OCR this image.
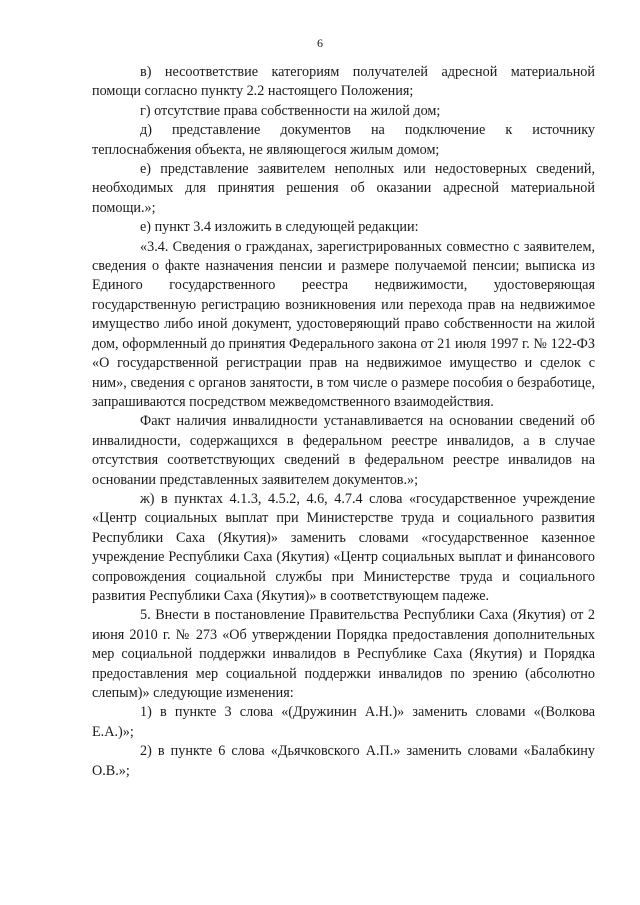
6

в) несоответствие категориям получателей адресной материальной помощи согласно пункту 2.2 настоящего Положения;

г) отсутствие права собственности на жилой дом;

д) представление документов на подключение к источнику теплоснабжения объекта, не являющегося жилым домом;

е) представление заявителем неполных или недостоверных сведений, необходимых для принятия решения об оказании адресной материальной помощи.»;

е) пункт 3.4 изложить в следующей редакции:

«3.4. Сведения о гражданах, зарегистрированных совместно с заявителем, сведения о факте назначения пенсии и размере получаемой пенсии; выписка из Единого государственного реестра недвижимости, удостоверяющая государственную регистрацию возникновения или перехода прав на недвижимое имущество либо иной документ, удостоверяющий право собственности на жилой дом, оформленный до принятия Федерального закона от 21 июля 1997 г. № 122-ФЗ «О государственной регистрации прав на недвижимое имущество и сделок с ним», сведения с органов занятости, в том числе о размере пособия о безработице, запрашиваются посредством межведомственного взаимодействия.

Факт наличия инвалидности устанавливается на основании сведений об инвалидности, содержащихся в федеральном реестре инвалидов, а в случае отсутствия соответствующих сведений в федеральном реестре инвалидов на основании представленных заявителем документов.»;

ж) в пунктах 4.1.3, 4.5.2, 4.6, 4.7.4 слова «государственное учреждение «Центр социальных выплат при Министерстве труда и социального развития Республики Саха (Якутия)» заменить словами «государственное казенное учреждение Республики Саха (Якутия) «Центр социальных выплат и финансового сопровождения социальной службы при Министерстве труда и социального развития Республики Саха (Якутия)» в соответствующем падеже.

5. Внести в постановление Правительства Республики Саха (Якутия) от 2 июня 2010 г. № 273 «Об утверждении Порядка предоставления дополнительных мер социальной поддержки инвалидов в Республике Саха (Якутия) и Порядка предоставления мер социальной поддержки инвалидов по зрению (абсолютно слепым)» следующие изменения:

1) в пункте 3 слова «(Дружинин А.Н.)» заменить словами «(Волкова Е.А.)»;

2) в пункте 6 слова «Дьячковского А.П.» заменить словами «Балабкину О.В.»;
